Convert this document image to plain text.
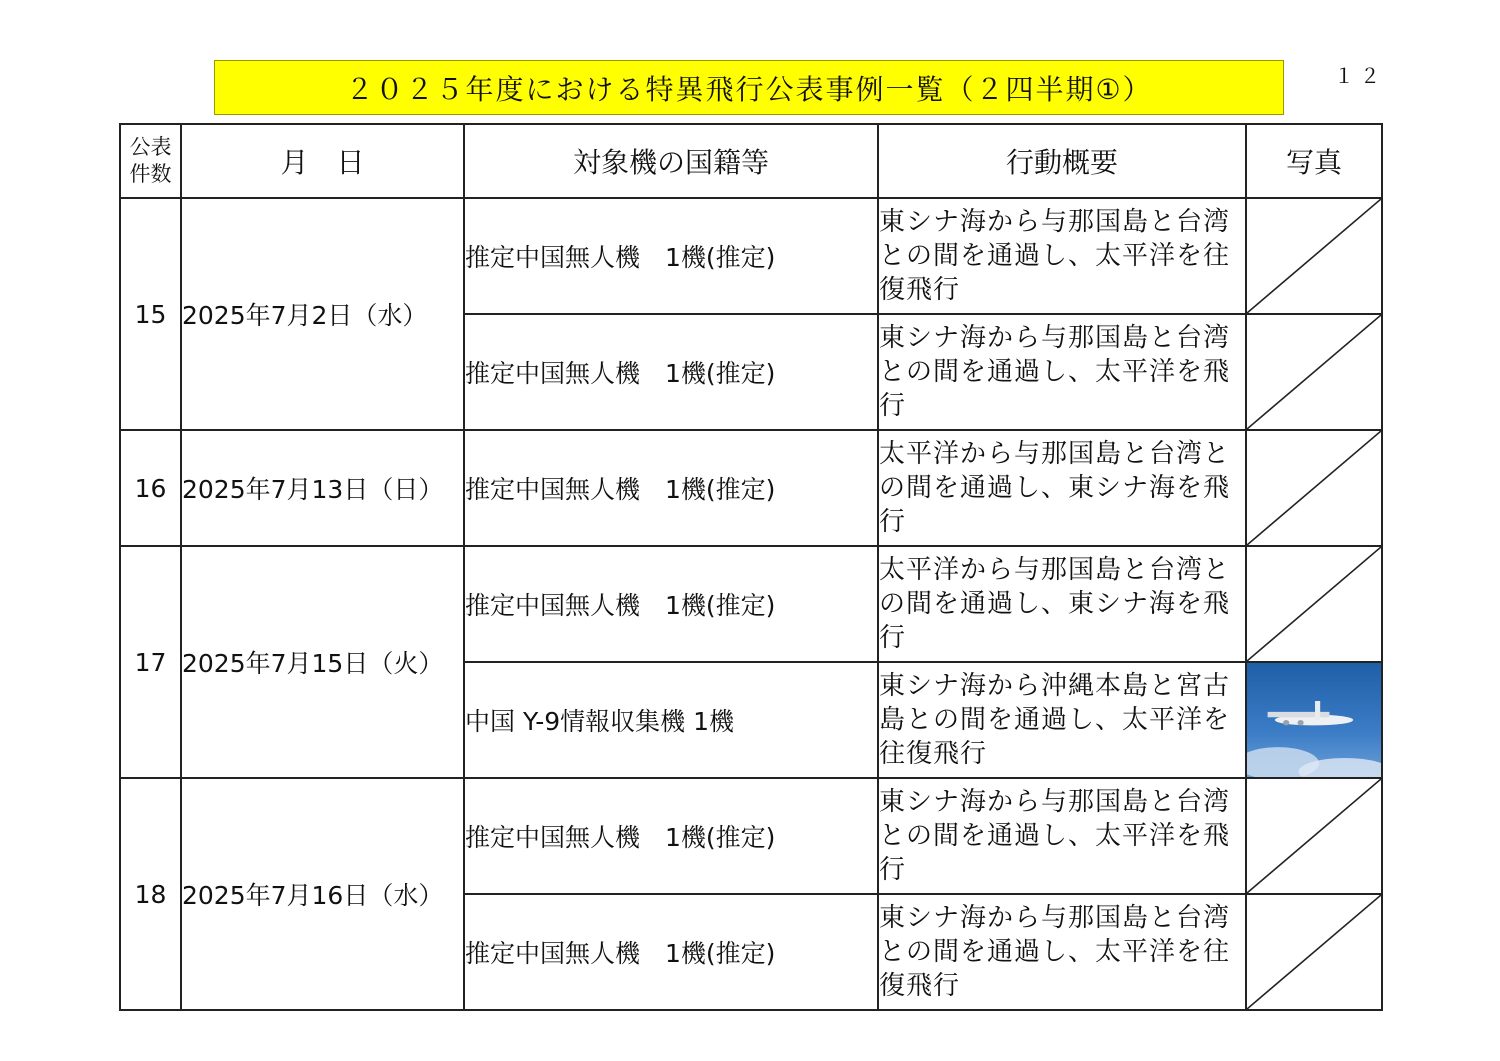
２０２５年度における特異飛行公表事例一覧（２四半期①）	１２
公表
件数	月　日	対象機の国籍等	行動概要	写真
15	2025年7月2日（水）	推定中国無人機　1機(推定)	東シナ海から与那国島と台湾との間を通過し、太平洋を往復飛行	

		推定中国無人機　1機(推定)	東シナ海から与那国島と台湾との間を通過し、太平洋を飛行	

16	2025年7月13日（日）	推定中国無人機　1機(推定)	太平洋から与那国島と台湾との間を通過し、東シナ海を飛行	

17	2025年7月15日（火）	推定中国無人機　1機(推定)	太平洋から与那国島と台湾との間を通過し、東シナ海を飛行	

		中国 Y-9情報収集機 1機	東シナ海から沖縄本島と宮古島との間を通過し、太平洋を往復飛行	

18	2025年7月16日（水）	推定中国無人機　1機(推定)	東シナ海から与那国島と台湾との間を通過し、太平洋を飛行	

		推定中国無人機　1機(推定)	東シナ海から与那国島と台湾との間を通過し、太平洋を往復飛行	
